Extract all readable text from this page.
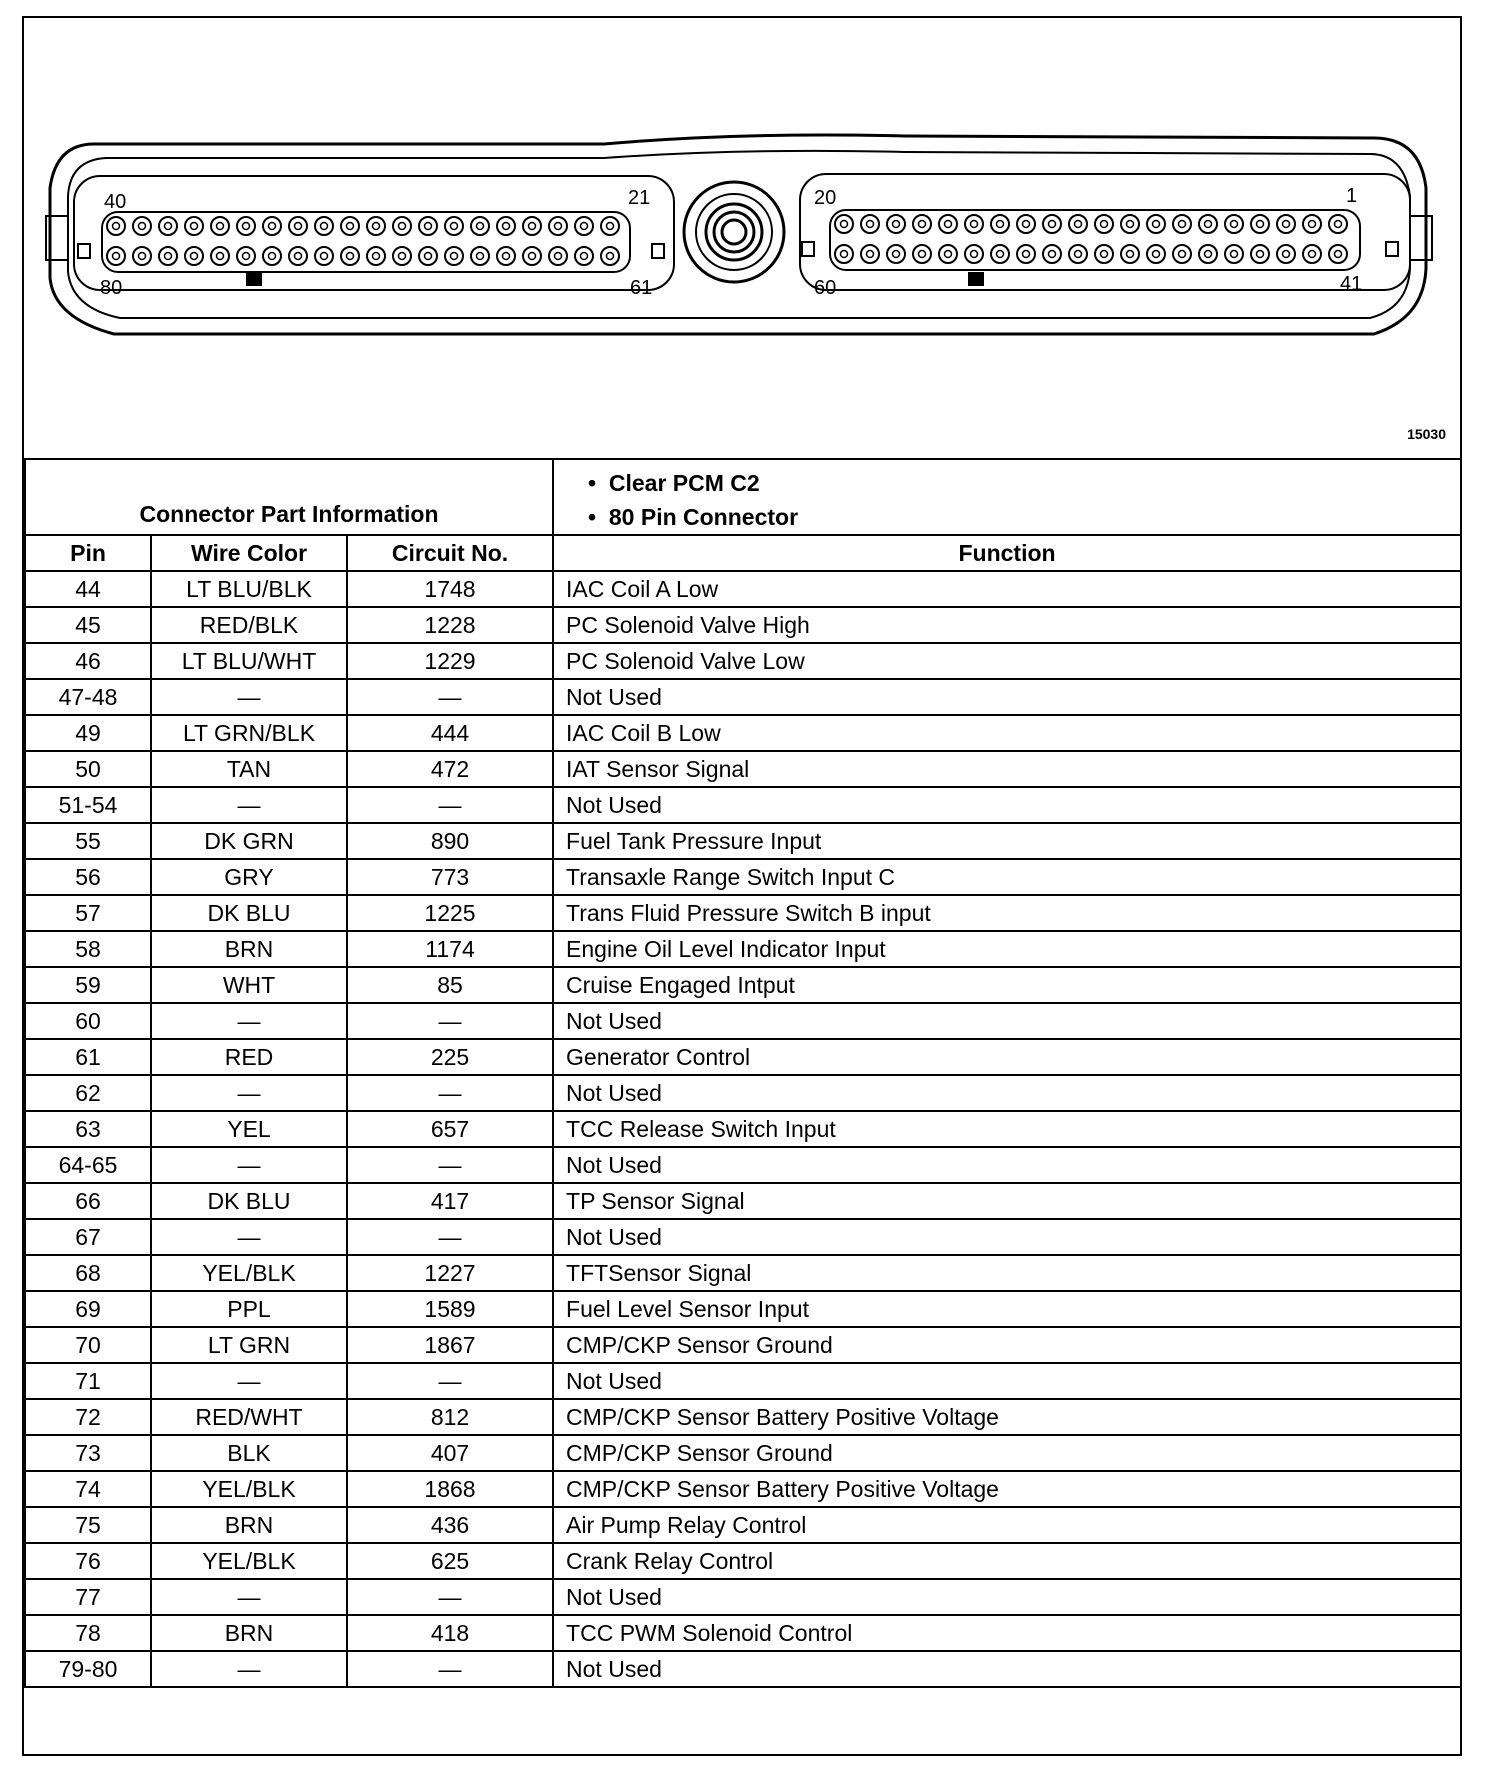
40	21
80	61
20	1
60	41
15030
Connector Part Information			•  Clear PCM C2
•  80 Pin Connector

Pin	Wire Color	Circuit No.	Function
44	LT BLU/BLK	1748	IAC Coil A Low
45	RED/BLK	1228	PC Solenoid Valve High
46	LT BLU/WHT	1229	PC Solenoid Valve Low
47-48	—	—	Not Used
49	LT GRN/BLK	444	IAC Coil B Low
50	TAN	472	IAT Sensor Signal
51-54	—	—	Not Used
55	DK GRN	890	Fuel Tank Pressure Input
56	GRY	773	Transaxle Range Switch Input C
57	DK BLU	1225	Trans Fluid Pressure Switch B input
58	BRN	1174	Engine Oil Level Indicator Input
59	WHT	85	Cruise Engaged Intput
60	—	—	Not Used
61	RED	225	Generator Control
62	—	—	Not Used
63	YEL	657	TCC Release Switch Input
64-65	—	—	Not Used
66	DK BLU	417	TP Sensor Signal
67	—	—	Not Used
68	YEL/BLK	1227	TFTSensor Signal
69	PPL	1589	Fuel Level Sensor Input
70	LT GRN	1867	CMP/CKP Sensor Ground
71	—	—	Not Used
72	RED/WHT	812	CMP/CKP Sensor Battery Positive Voltage
73	BLK	407	CMP/CKP Sensor Ground
74	YEL/BLK	1868	CMP/CKP Sensor Battery Positive Voltage
75	BRN	436	Air Pump Relay Control
76	YEL/BLK	625	Crank Relay Control
77	—	—	Not Used
78	BRN	418	TCC PWM Solenoid Control
79-80	—	—	Not Used
